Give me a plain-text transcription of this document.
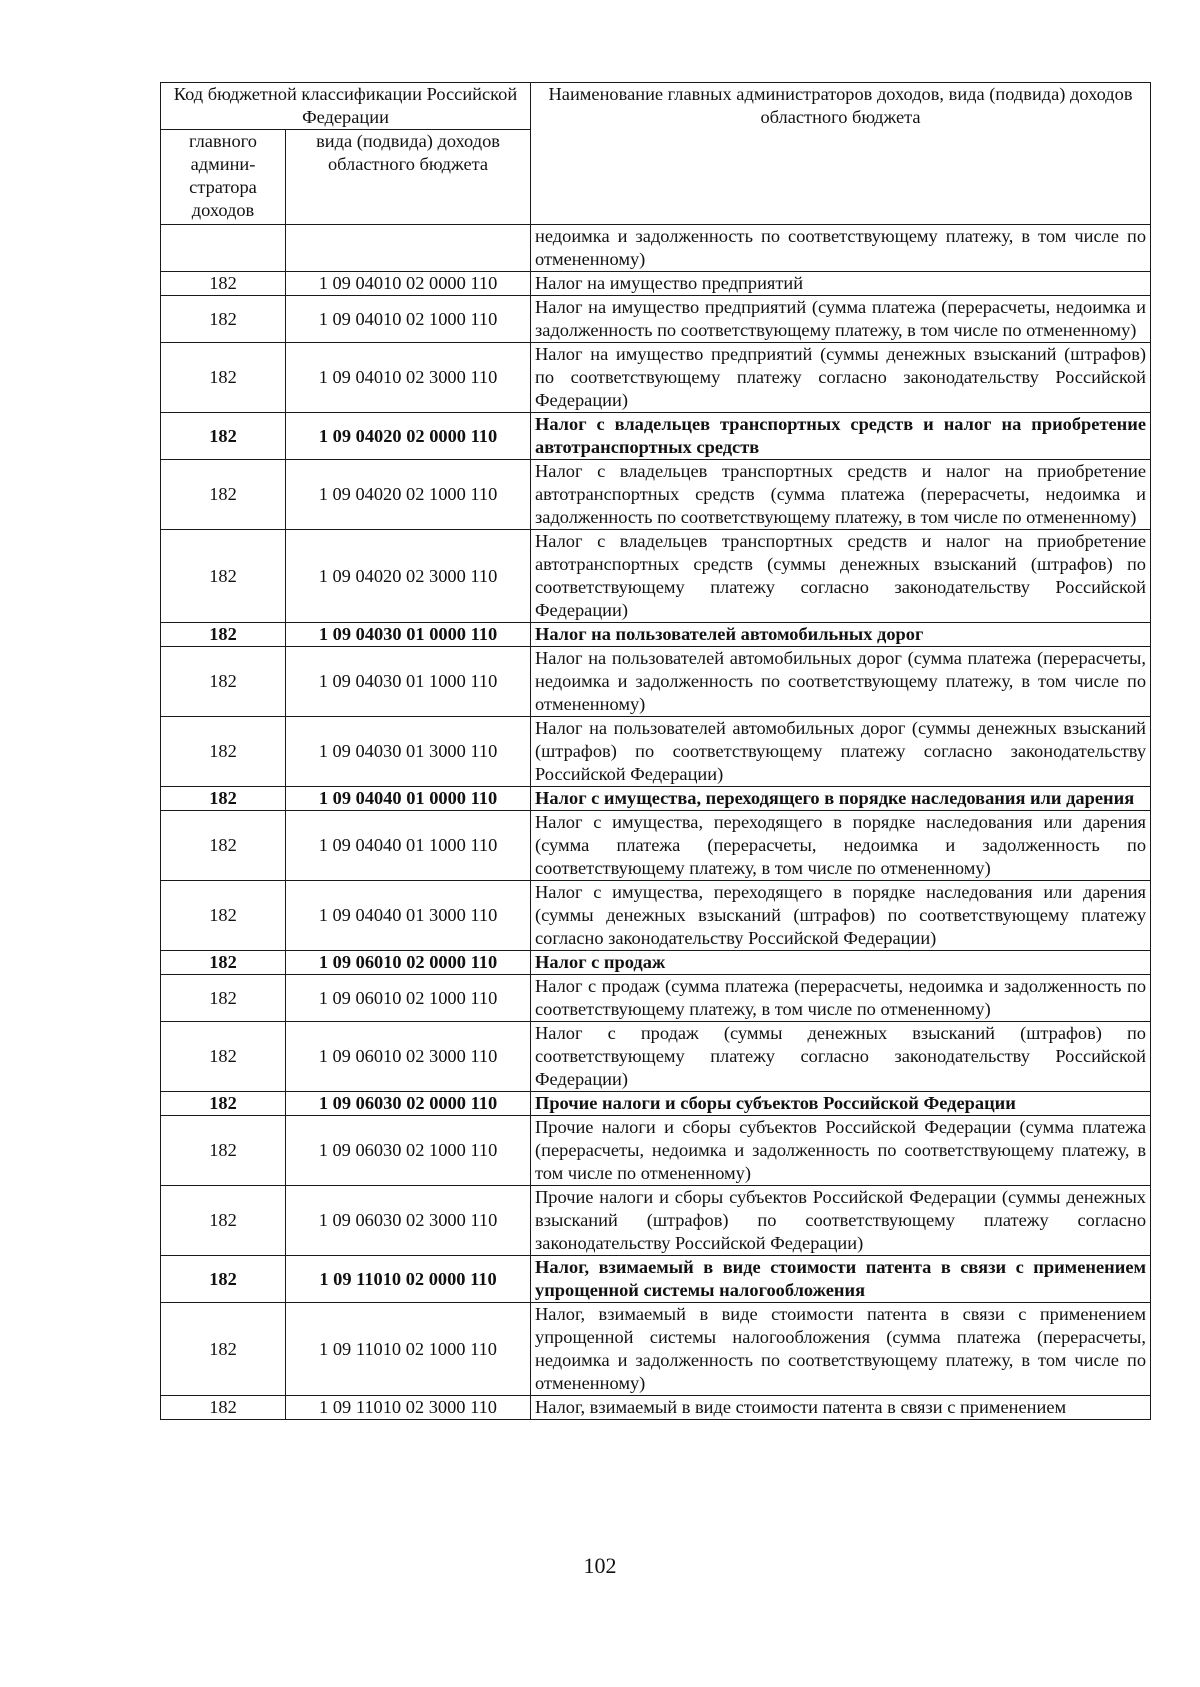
Код бюджетной классификации Российской Федерации		Наименование главных администраторов доходов, вида (подвида) доходов областного бюджета
главного админи- стратора доходов	вида (подвида) доходов областного бюджета	
		недоимка и задолженность по соответствующему платежу, в том числе по отмененному)
182	1 09 04010 02 0000 110	Налог на имущество предприятий
182	1 09 04010 02 1000 110	Налог на имущество предприятий (сумма платежа (перерасчеты, недоимка и задолженность по соответствующему платежу, в том числе по отмененному)
182	1 09 04010 02 3000 110	Налог на имущество предприятий (суммы денежных взысканий (штрафов) по соответствующему платежу согласно законодательству Российской Федерации)
182	1 09 04020 02 0000 110	Налог с владельцев транспортных средств и налог на приобретение автотранспортных средств
182	1 09 04020 02 1000 110	Налог с владельцев транспортных средств и налог на приобретение автотранспортных средств (сумма платежа (перерасчеты, недоимка и задолженность по соответствующему платежу, в том числе по отмененному)
182	1 09 04020 02 3000 110	Налог с владельцев транспортных средств и налог на приобретение автотранспортных средств (суммы денежных взысканий (штрафов) по соответствующему платежу согласно законодательству Российской Федерации)
182	1 09 04030 01 0000 110	Налог на пользователей автомобильных дорог
182	1 09 04030 01 1000 110	Налог на пользователей автомобильных дорог (сумма платежа (перерасчеты, недоимка и задолженность по соответствующему платежу, в том числе по отмененному)
182	1 09 04030 01 3000 110	Налог на пользователей автомобильных дорог (суммы денежных взысканий (штрафов) по соответствующему платежу согласно законодательству Российской Федерации)
182	1 09 04040 01 0000 110	Налог с имущества, переходящего в порядке наследования или дарения
182	1 09 04040 01 1000 110	Налог с имущества, переходящего в порядке наследования или дарения (сумма платежа (перерасчеты, недоимка и задолженность по соответствующему платежу, в том числе по отмененному)
182	1 09 04040 01 3000 110	Налог с имущества, переходящего в порядке наследования или дарения (суммы денежных взысканий (штрафов) по соответствующему платежу согласно законодательству Российской Федерации)
182	1 09 06010 02 0000 110	Налог с продаж
182	1 09 06010 02 1000 110	Налог с продаж (сумма платежа (перерасчеты, недоимка и задолженность по соответствующему платежу, в том числе по отмененному)
182	1 09 06010 02 3000 110	Налог с продаж (суммы денежных взысканий (штрафов) по соответствующему платежу согласно законодательству Российской Федерации)
182	1 09 06030 02 0000 110	Прочие налоги и сборы субъектов Российской Федерации
182	1 09 06030 02 1000 110	Прочие налоги и сборы субъектов Российской Федерации (сумма платежа (перерасчеты, недоимка и задолженность по соответствующему платежу, в том числе по отмененному)
182	1 09 06030 02 3000 110	Прочие налоги и сборы субъектов Российской Федерации (суммы денежных взысканий (штрафов) по соответствующему платежу согласно законодательству Российской Федерации)
182	1 09 11010 02 0000 110	Налог, взимаемый в виде стоимости патента в связи с применением упрощенной системы налогообложения
182	1 09 11010 02 1000 110	Налог, взимаемый в виде стоимости патента в связи с применением упрощенной системы налогообложения (сумма платежа (перерасчеты, недоимка и задолженность по соответствующему платежу, в том числе по отмененному)
182	1 09 11010 02 3000 110	Налог, взимаемый в виде стоимости патента в связи с применением
102
